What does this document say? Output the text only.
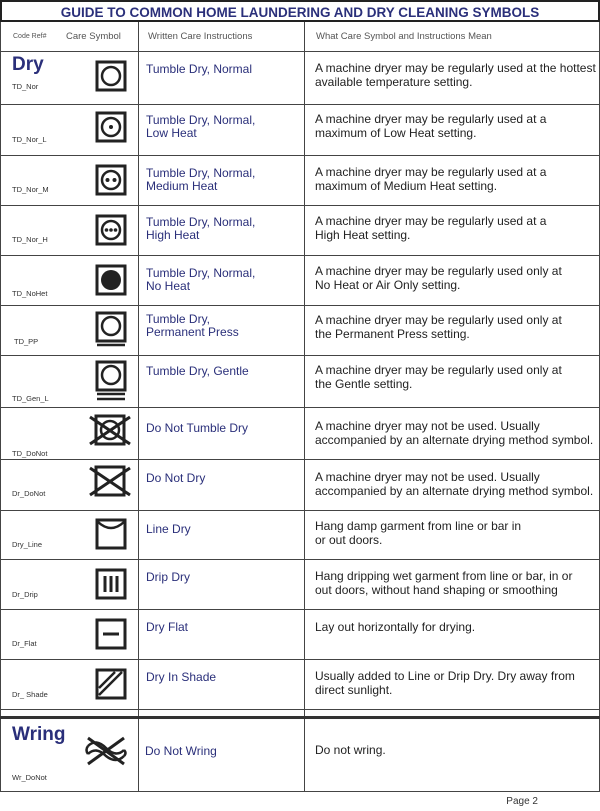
GUIDE TO COMMON HOME LAUNDERING AND DRY CLEANING SYMBOLS
Code Ref# Care Symbol	Written Care Instructions	What Care Symbol and Instructions Mean
Dry
Wring
TD_Nor
TD_Nor_L
TD_Nor_M
TD_Nor_H
TD_NoHet
TD_PP
TD_Gen_L
TD_DoNot
Dr_DoNot
Dry_Line
Dr_Drip
Dr_Flat
Dr_ Shade
Wr_DoNot
Tumble Dry, Normal
Tumble Dry, Normal, Low Heat
Tumble Dry, Normal, Medium Heat
Tumble Dry, Normal, High Heat
Tumble Dry, Normal, No Heat
Tumble Dry, Permanent Press
Tumble Dry, Gentle
Do Not Tumble Dry
Do Not Dry
Line Dry
Drip Dry
Dry Flat
Dry In Shade
Do Not Wring
A machine dryer may be regularly used at the hottest available temperature setting.
A machine dryer may be regularly used at a maximum of Low Heat setting.
A machine dryer may be regularly used at a maximum of Medium Heat setting.
A machine dryer may be regularly used at a High Heat setting.
A machine dryer may be regularly used only at No Heat or Air Only setting.
A machine dryer may be regularly used only at the Permanent Press setting.
A machine dryer may be regularly used only at the Gentle setting.
A machine dryer may not be used. Usually accompanied by an alternate drying method symbol.
A machine dryer may not be used. Usually accompanied by an alternate drying method symbol.
Hang damp garment from line or bar in or out doors.
Hang dripping wet garment from line or bar, in or out doors, without hand shaping or smoothing
Lay out horizontally for drying.
Usually added to Line or Drip Dry. Dry away from direct sunlight.
Do not wring.
Page 2
